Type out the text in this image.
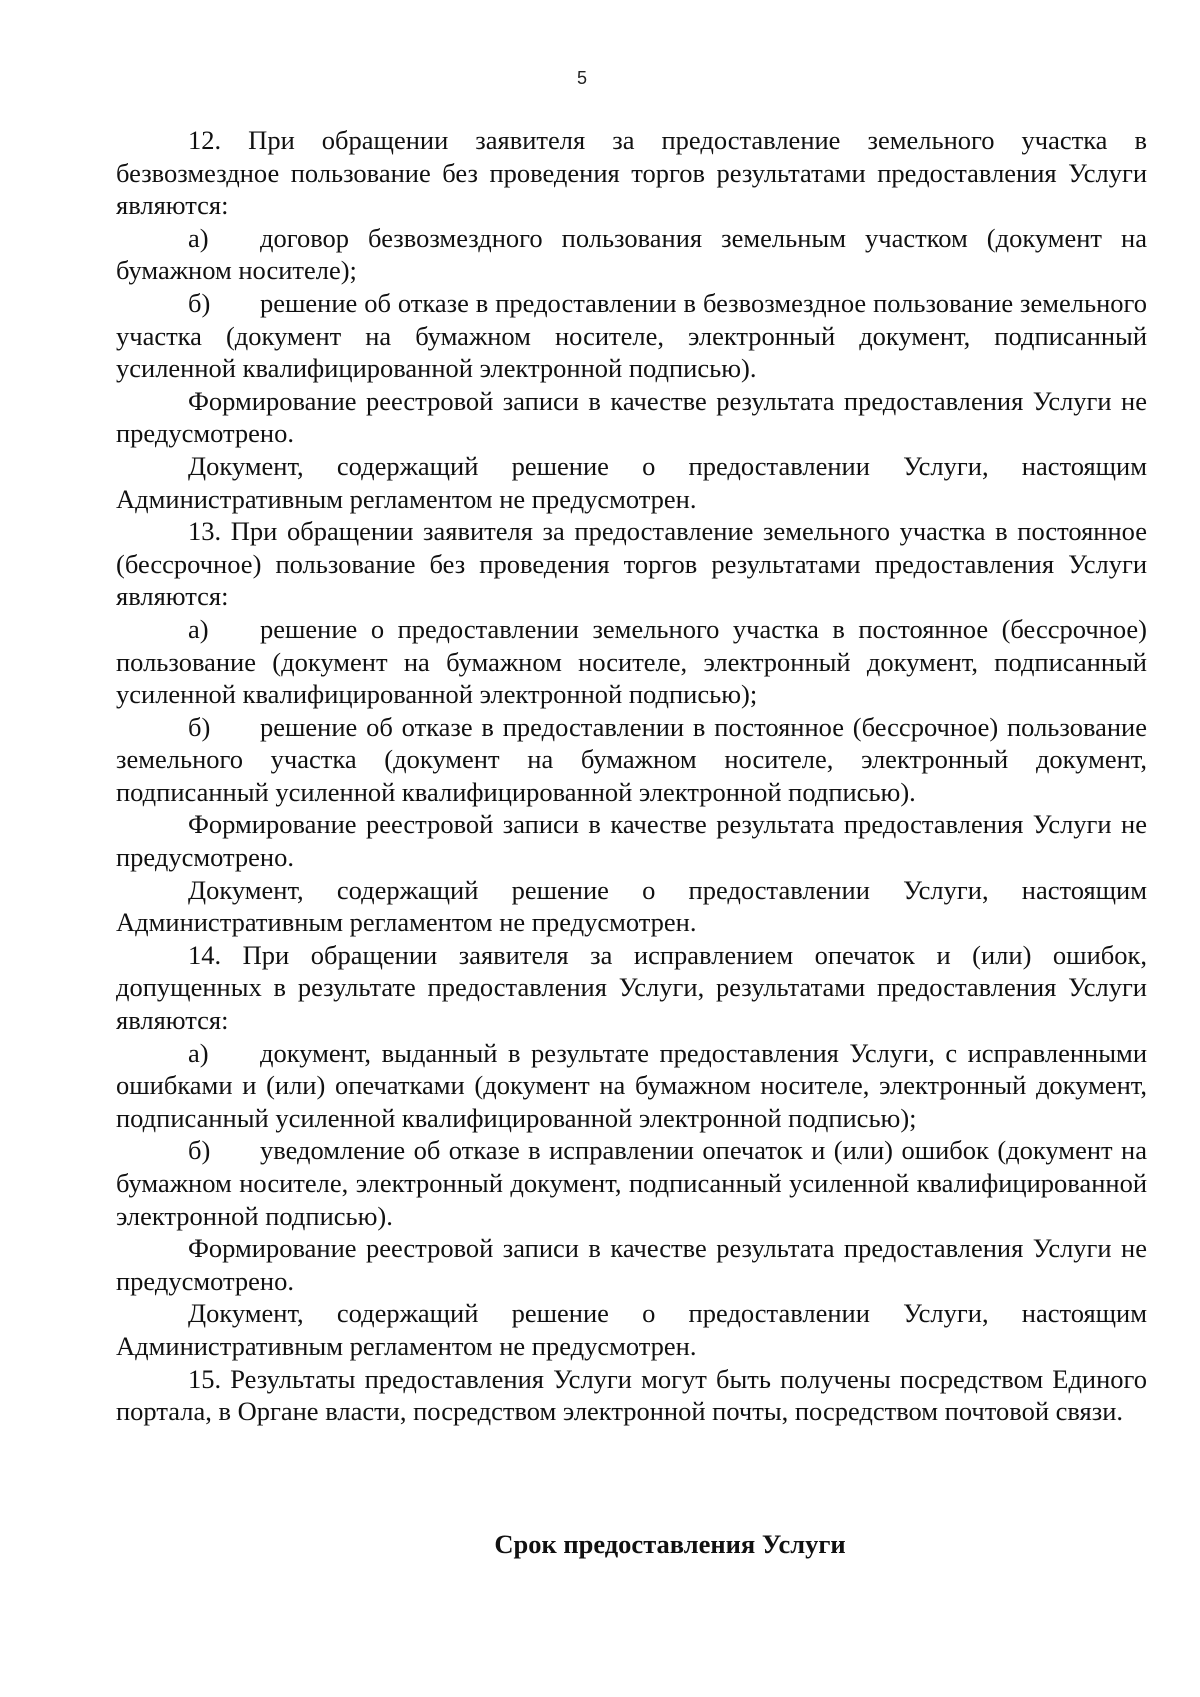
5

12. При обращении заявителя за предоставление земельного участка в безвозмездное пользование без проведения торгов результатами предоставления Услуги являются:

а) договор безвозмездного пользования земельным участком (документ на бумажном носителе);

б) решение об отказе в предоставлении в безвозмездное пользование земельного участка (документ на бумажном носителе, электронный документ, подписанный усиленной квалифицированной электронной подписью).

Формирование реестровой записи в качестве результата предоставления Услуги не предусмотрено.

Документ, содержащий решение о предоставлении Услуги, настоящим Административным регламентом не предусмотрен.

13. При обращении заявителя за предоставление земельного участка в постоянное (бессрочное) пользование без проведения торгов результатами предоставления Услуги являются:

а) решение о предоставлении земельного участка в постоянное (бессрочное) пользование (документ на бумажном носителе, электронный документ, подписанный усиленной квалифицированной электронной подписью);

б) решение об отказе в предоставлении в постоянное (бессрочное) пользование земельного участка (документ на бумажном носителе, электронный документ, подписанный усиленной квалифицированной электронной подписью).

Формирование реестровой записи в качестве результата предоставления Услуги не предусмотрено.

Документ, содержащий решение о предоставлении Услуги, настоящим Административным регламентом не предусмотрен.

14. При обращении заявителя за исправлением опечаток и (или) ошибок, допущенных в результате предоставления Услуги, результатами предоставления Услуги являются:

а) документ, выданный в результате предоставления Услуги, с исправленными ошибками и (или) опечатками (документ на бумажном носителе, электронный документ, подписанный усиленной квалифицированной электронной подписью);

б) уведомление об отказе в исправлении опечаток и (или) ошибок (документ на бумажном носителе, электронный документ, подписанный усиленной квалифицированной электронной подписью).

Формирование реестровой записи в качестве результата предоставления Услуги не предусмотрено.

Документ, содержащий решение о предоставлении Услуги, настоящим Административным регламентом не предусмотрен.

15. Результаты предоставления Услуги могут быть получены посредством Единого портала, в Органе власти, посредством электронной почты, посредством почтовой связи.

Срок предоставления Услуги
